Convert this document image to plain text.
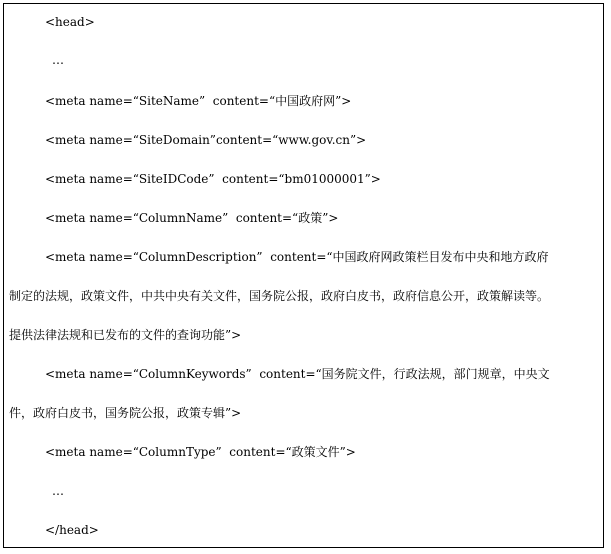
<head>
…
<meta name=“SiteName”  content=“中国政府网”>
<meta name=“SiteDomain”content=“www.gov.cn”>
<meta name=“SiteIDCode”  content=“bm01000001”>
<meta name=“ColumnName”  content=“政策”>
<meta name=“ColumnDescription”  content=“中国政府网政策栏目发布中央和地方政府
制定的法规，政策文件，中共中央有关文件，国务院公报，政府白皮书，政府信息公开，政策解读等。
提供法律法规和已发布的文件的查询功能”>
<meta name=“ColumnKeywords”  content=“国务院文件，行政法规，部门规章，中央文
件，政府白皮书，国务院公报，政策专辑”>
<meta name=“ColumnType”  content=“政策文件”>
…
</head>
